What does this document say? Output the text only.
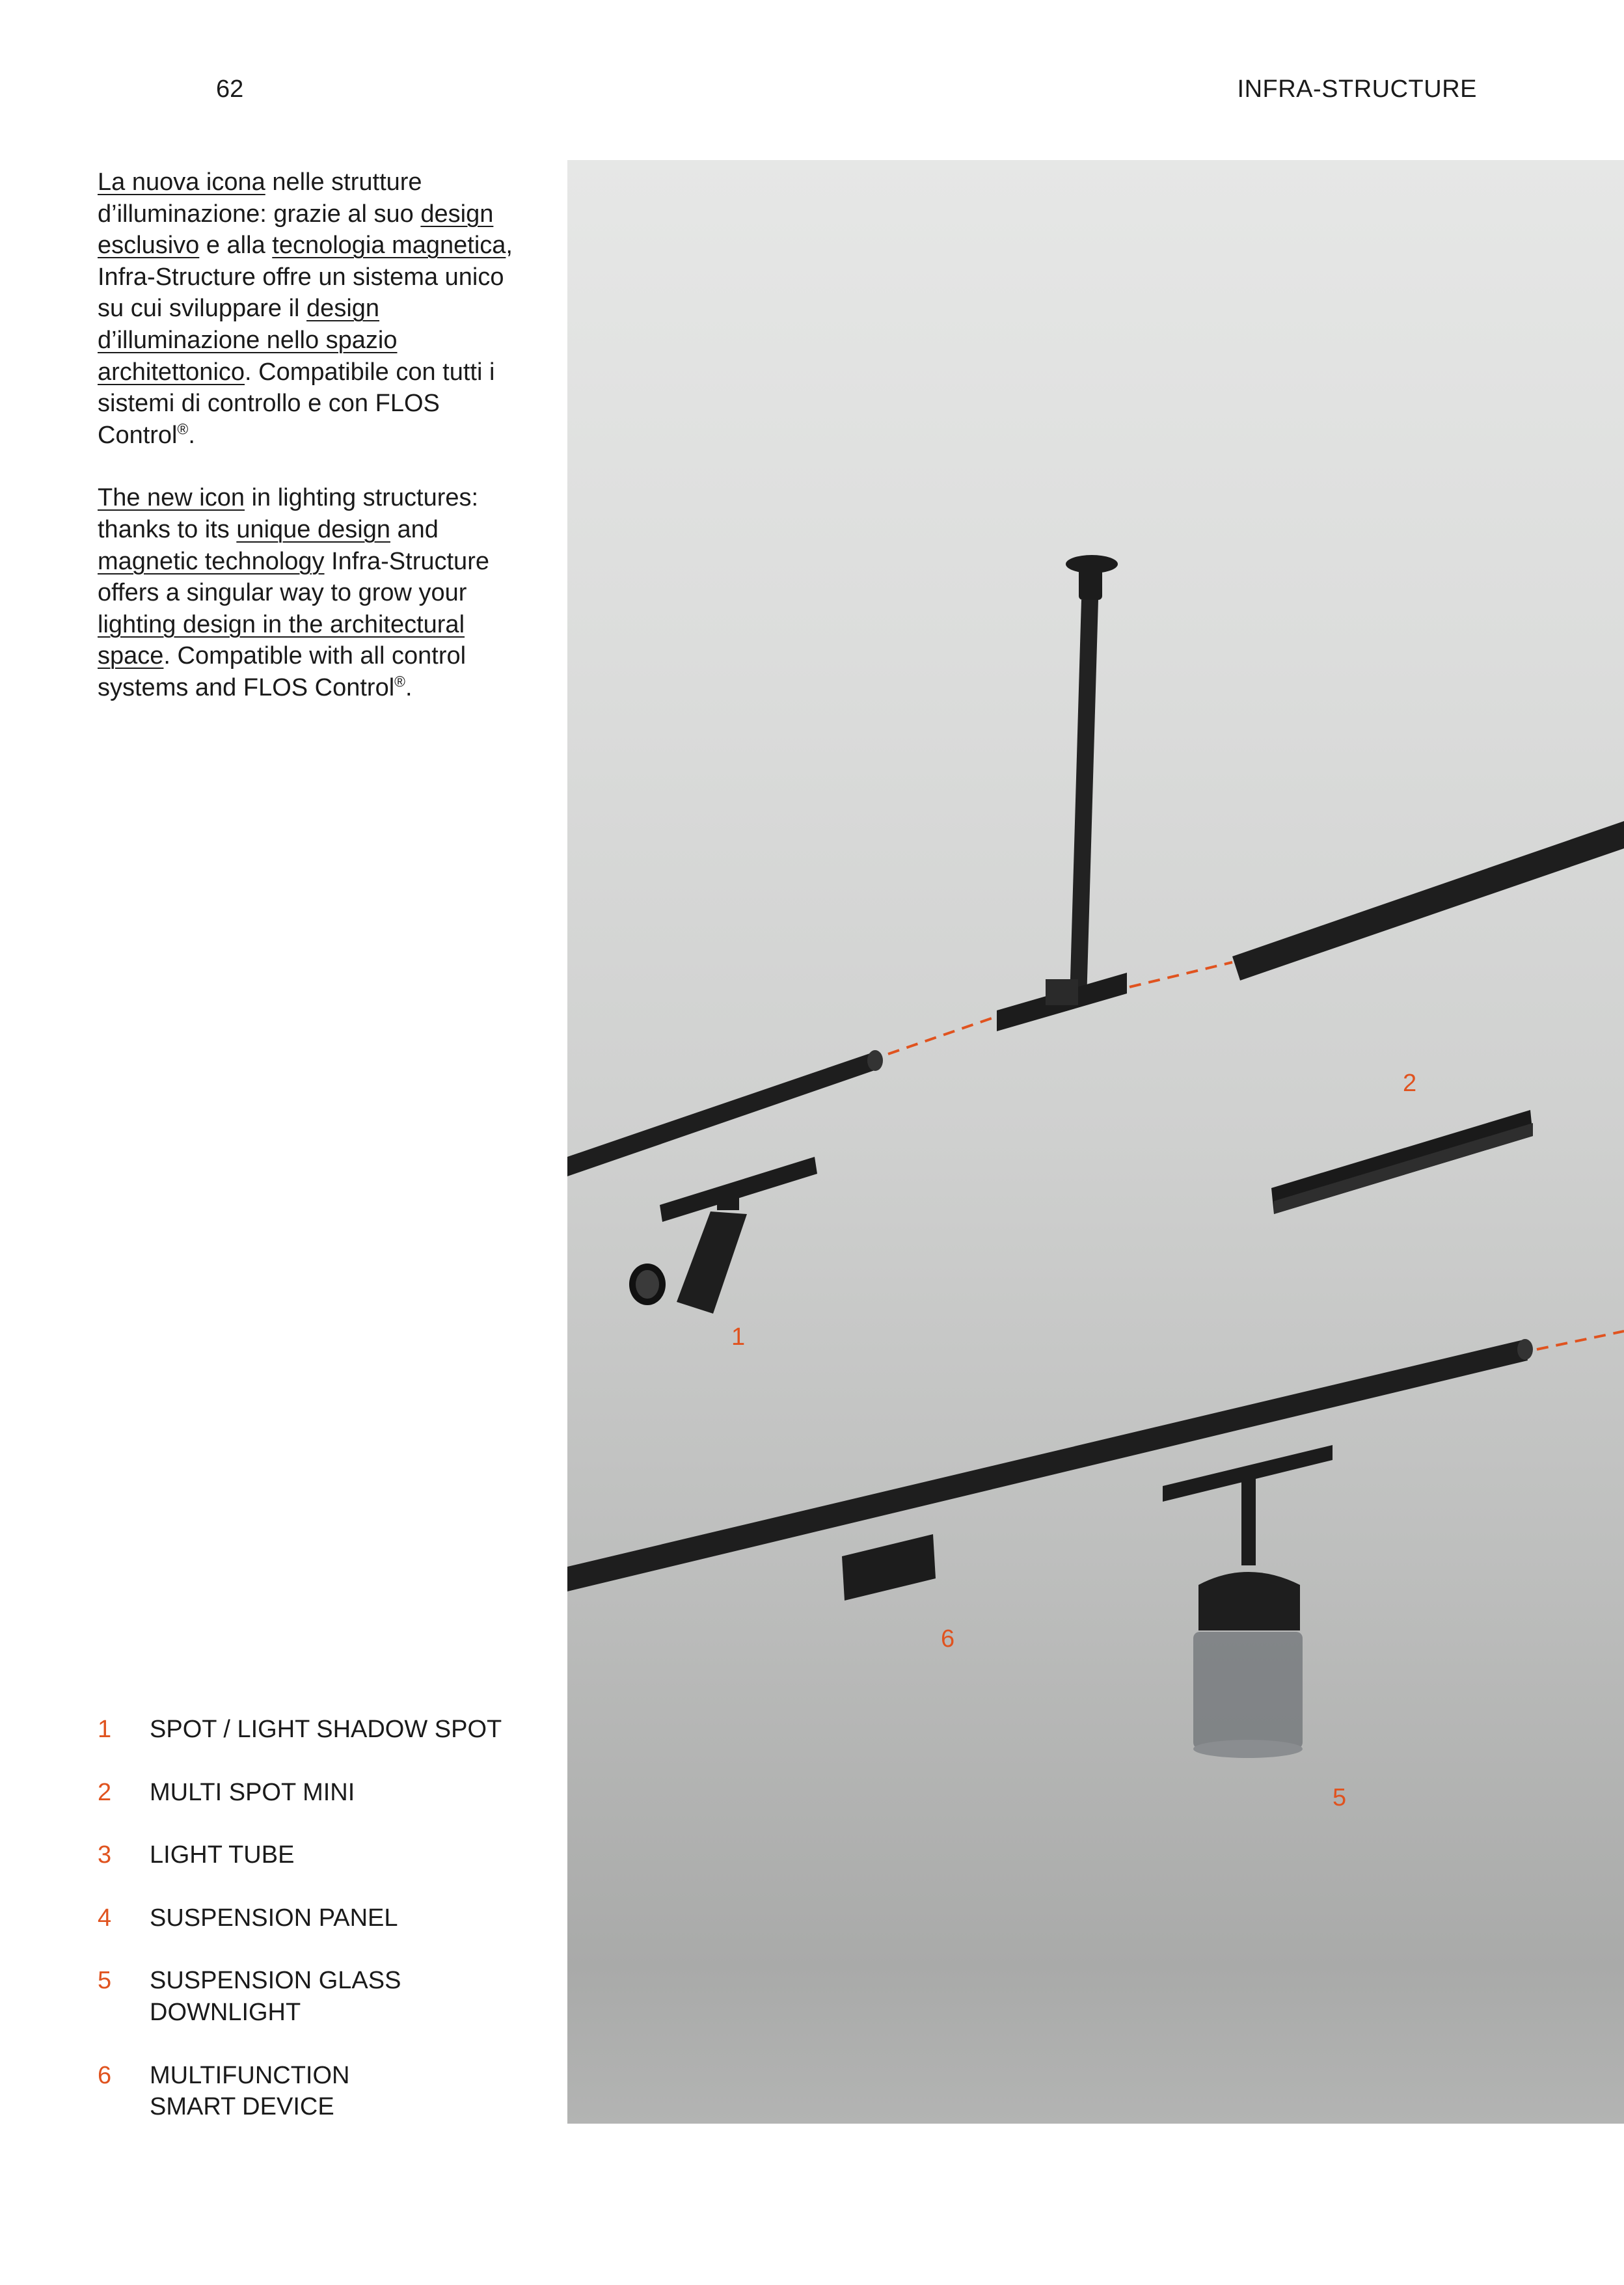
62	INFRA-STRUCTURE

La nuova icona nelle strutture d’illuminazione: grazie al suo design esclusivo e alla tecnologia magnetica, Infra-Structure offre un sistema unico su cui sviluppare il design d’illuminazione nello spazio architettonico. Compatibile con tutti i sistemi di controllo e con FLOS Control®.

The new icon in lighting structures: thanks to its unique design and magnetic technology Infra-Structure offers a singular way to grow your lighting design in the architectural space. Compatible with all control systems and FLOS Control®.

1	SPOT / LIGHT SHADOW SPOT
2	MULTI SPOT MINI
3	LIGHT TUBE
4	SUSPENSION PANEL
5	SUSPENSION GLASS
DOWNLIGHT
6	MULTIFUNCTION
SMART DEVICE
1
2
5
6
